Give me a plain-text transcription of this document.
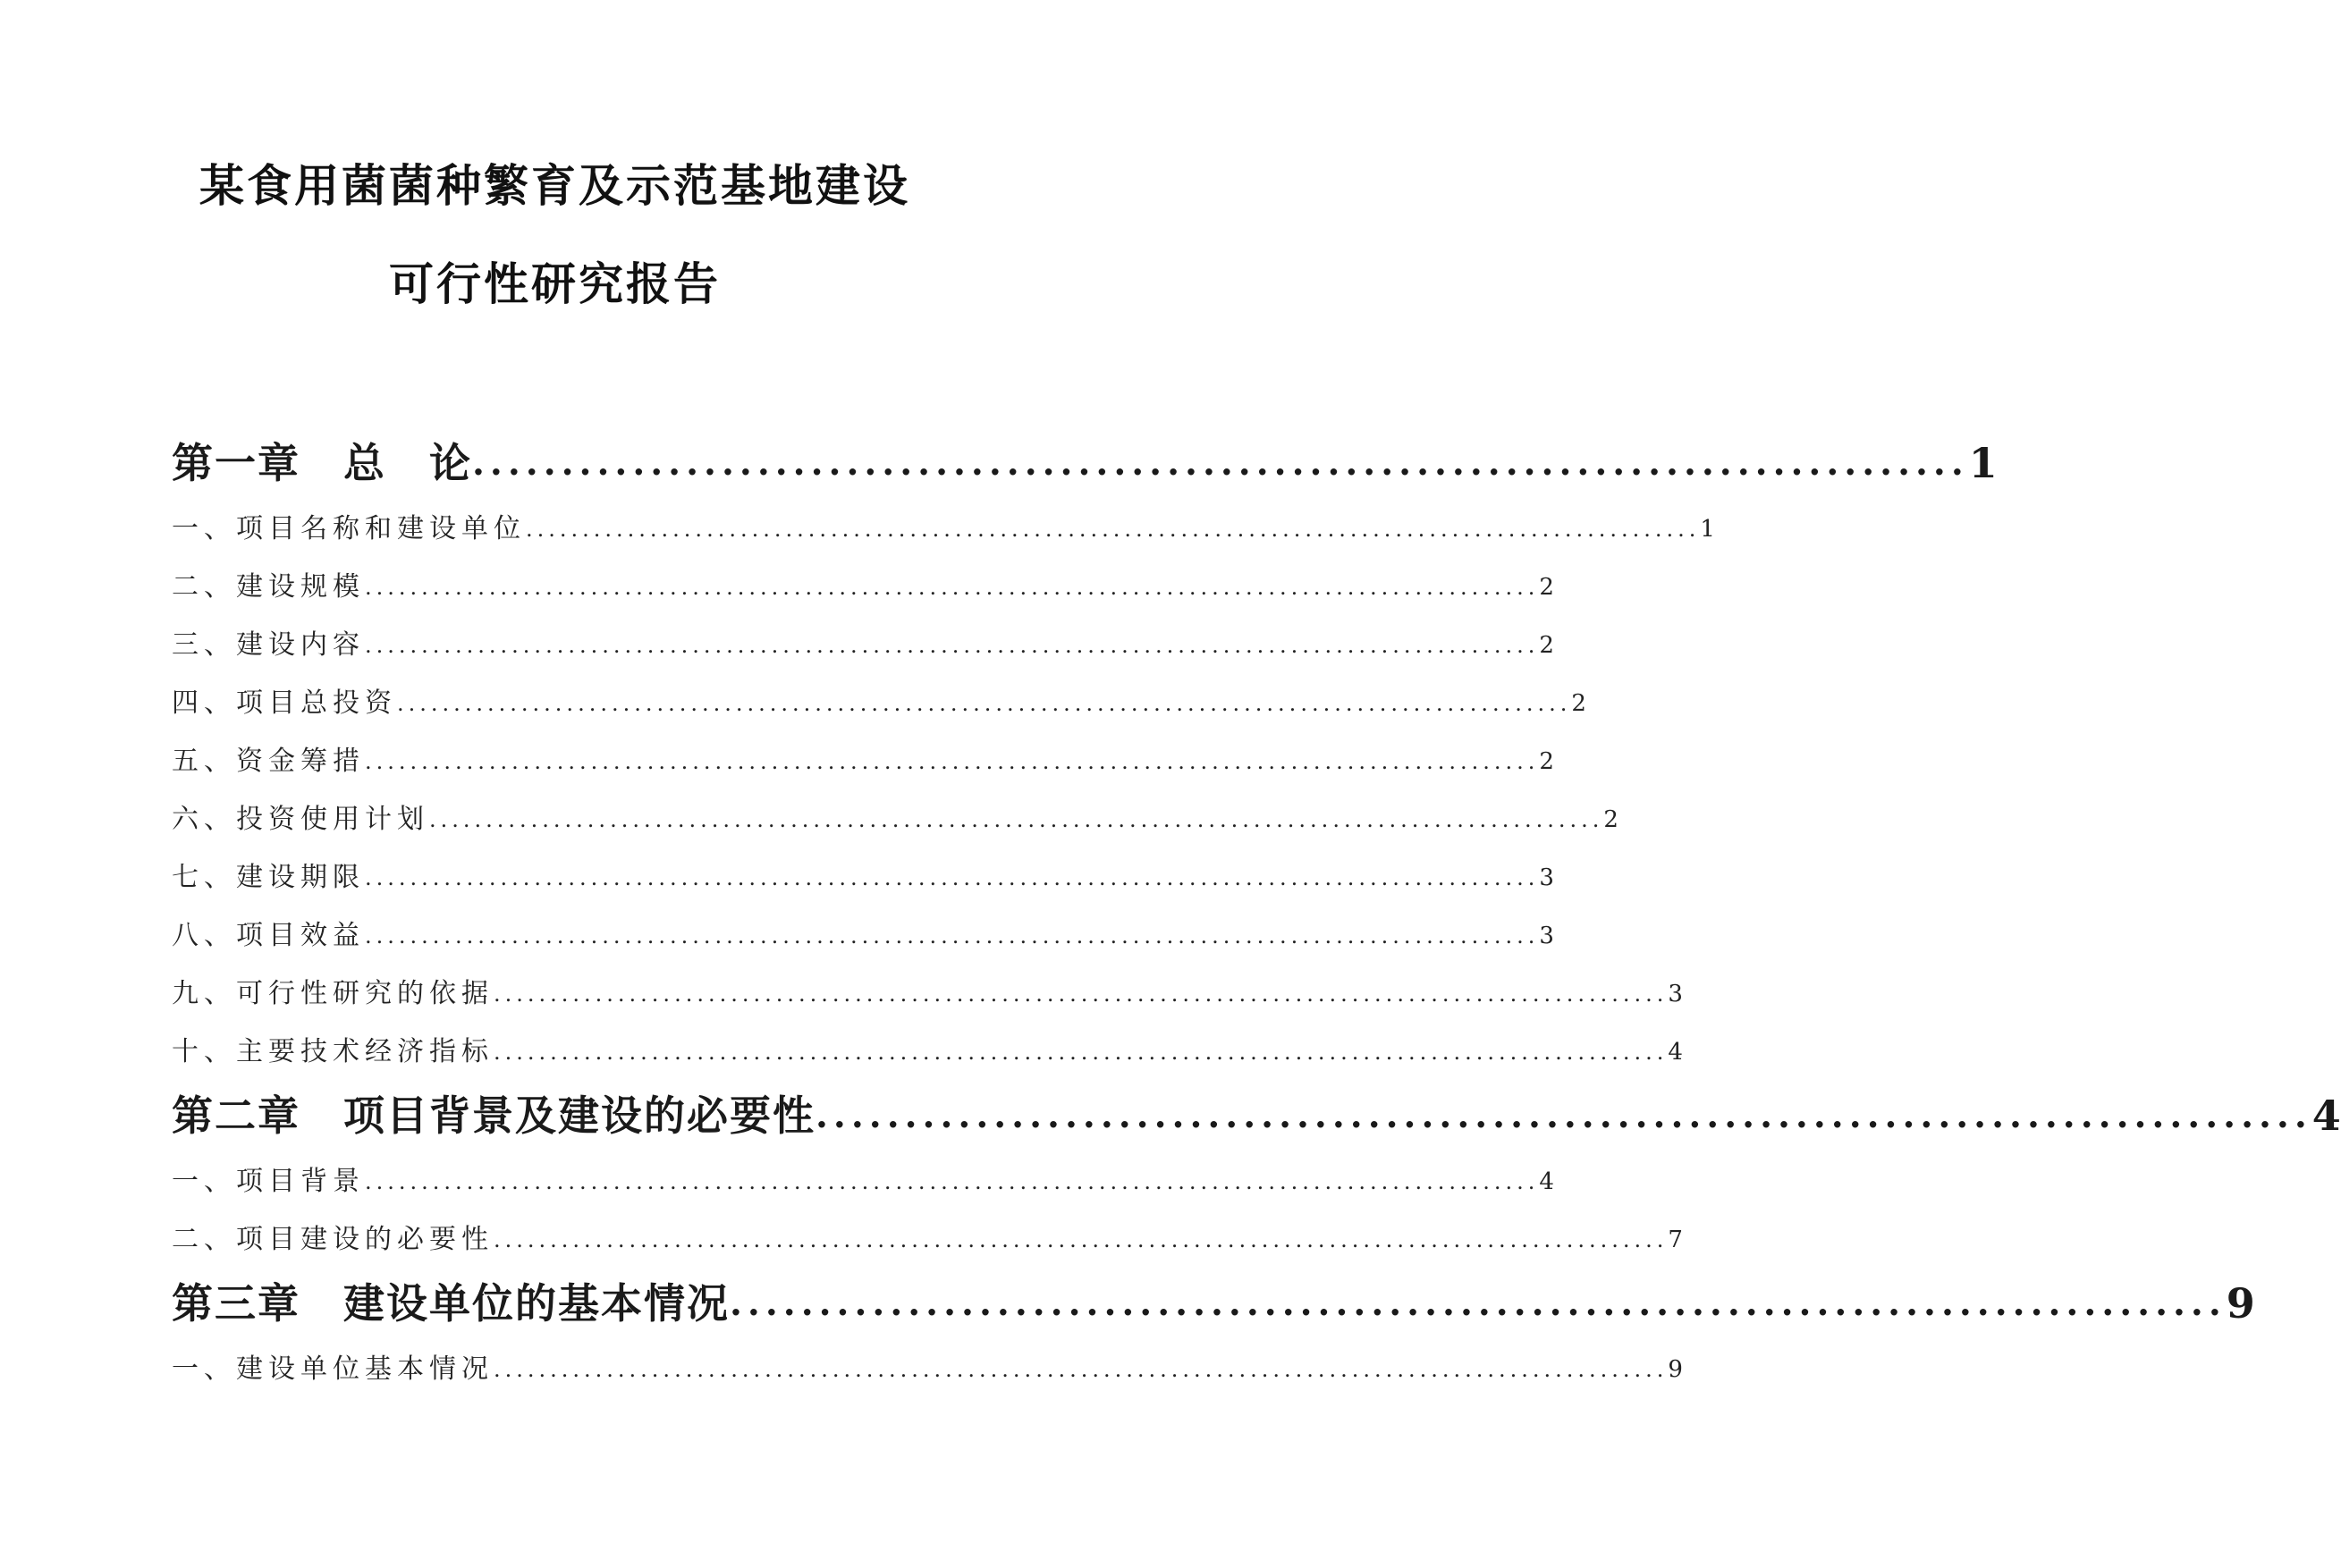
某食用菌菌种繁育及示范基地建设
可行性研究报告
第一章　总　论 .................................................................................... 1
一、项目名称和建设单位 ........................................................................................................ 1
二、建设规模 ........................................................................................................ 2
三、建设内容 ........................................................................................................ 2
四、项目总投资 ........................................................................................................ 2
五、资金筹措 ........................................................................................................ 2
六、投资使用计划 ........................................................................................................ 2
七、建设期限 ........................................................................................................ 3
八、项目效益 ........................................................................................................ 3
九、可行性研究的依据 ........................................................................................................ 3
十、主要技术经济指标 ........................................................................................................ 4
第二章　项目背景及建设的必要性 .................................................................................... 4
一、项目背景 ........................................................................................................ 4
二、项目建设的必要性 ........................................................................................................ 7
第三章　建设单位的基本情况 .................................................................................... 9
一、建设单位基本情况 ........................................................................................................ 9
